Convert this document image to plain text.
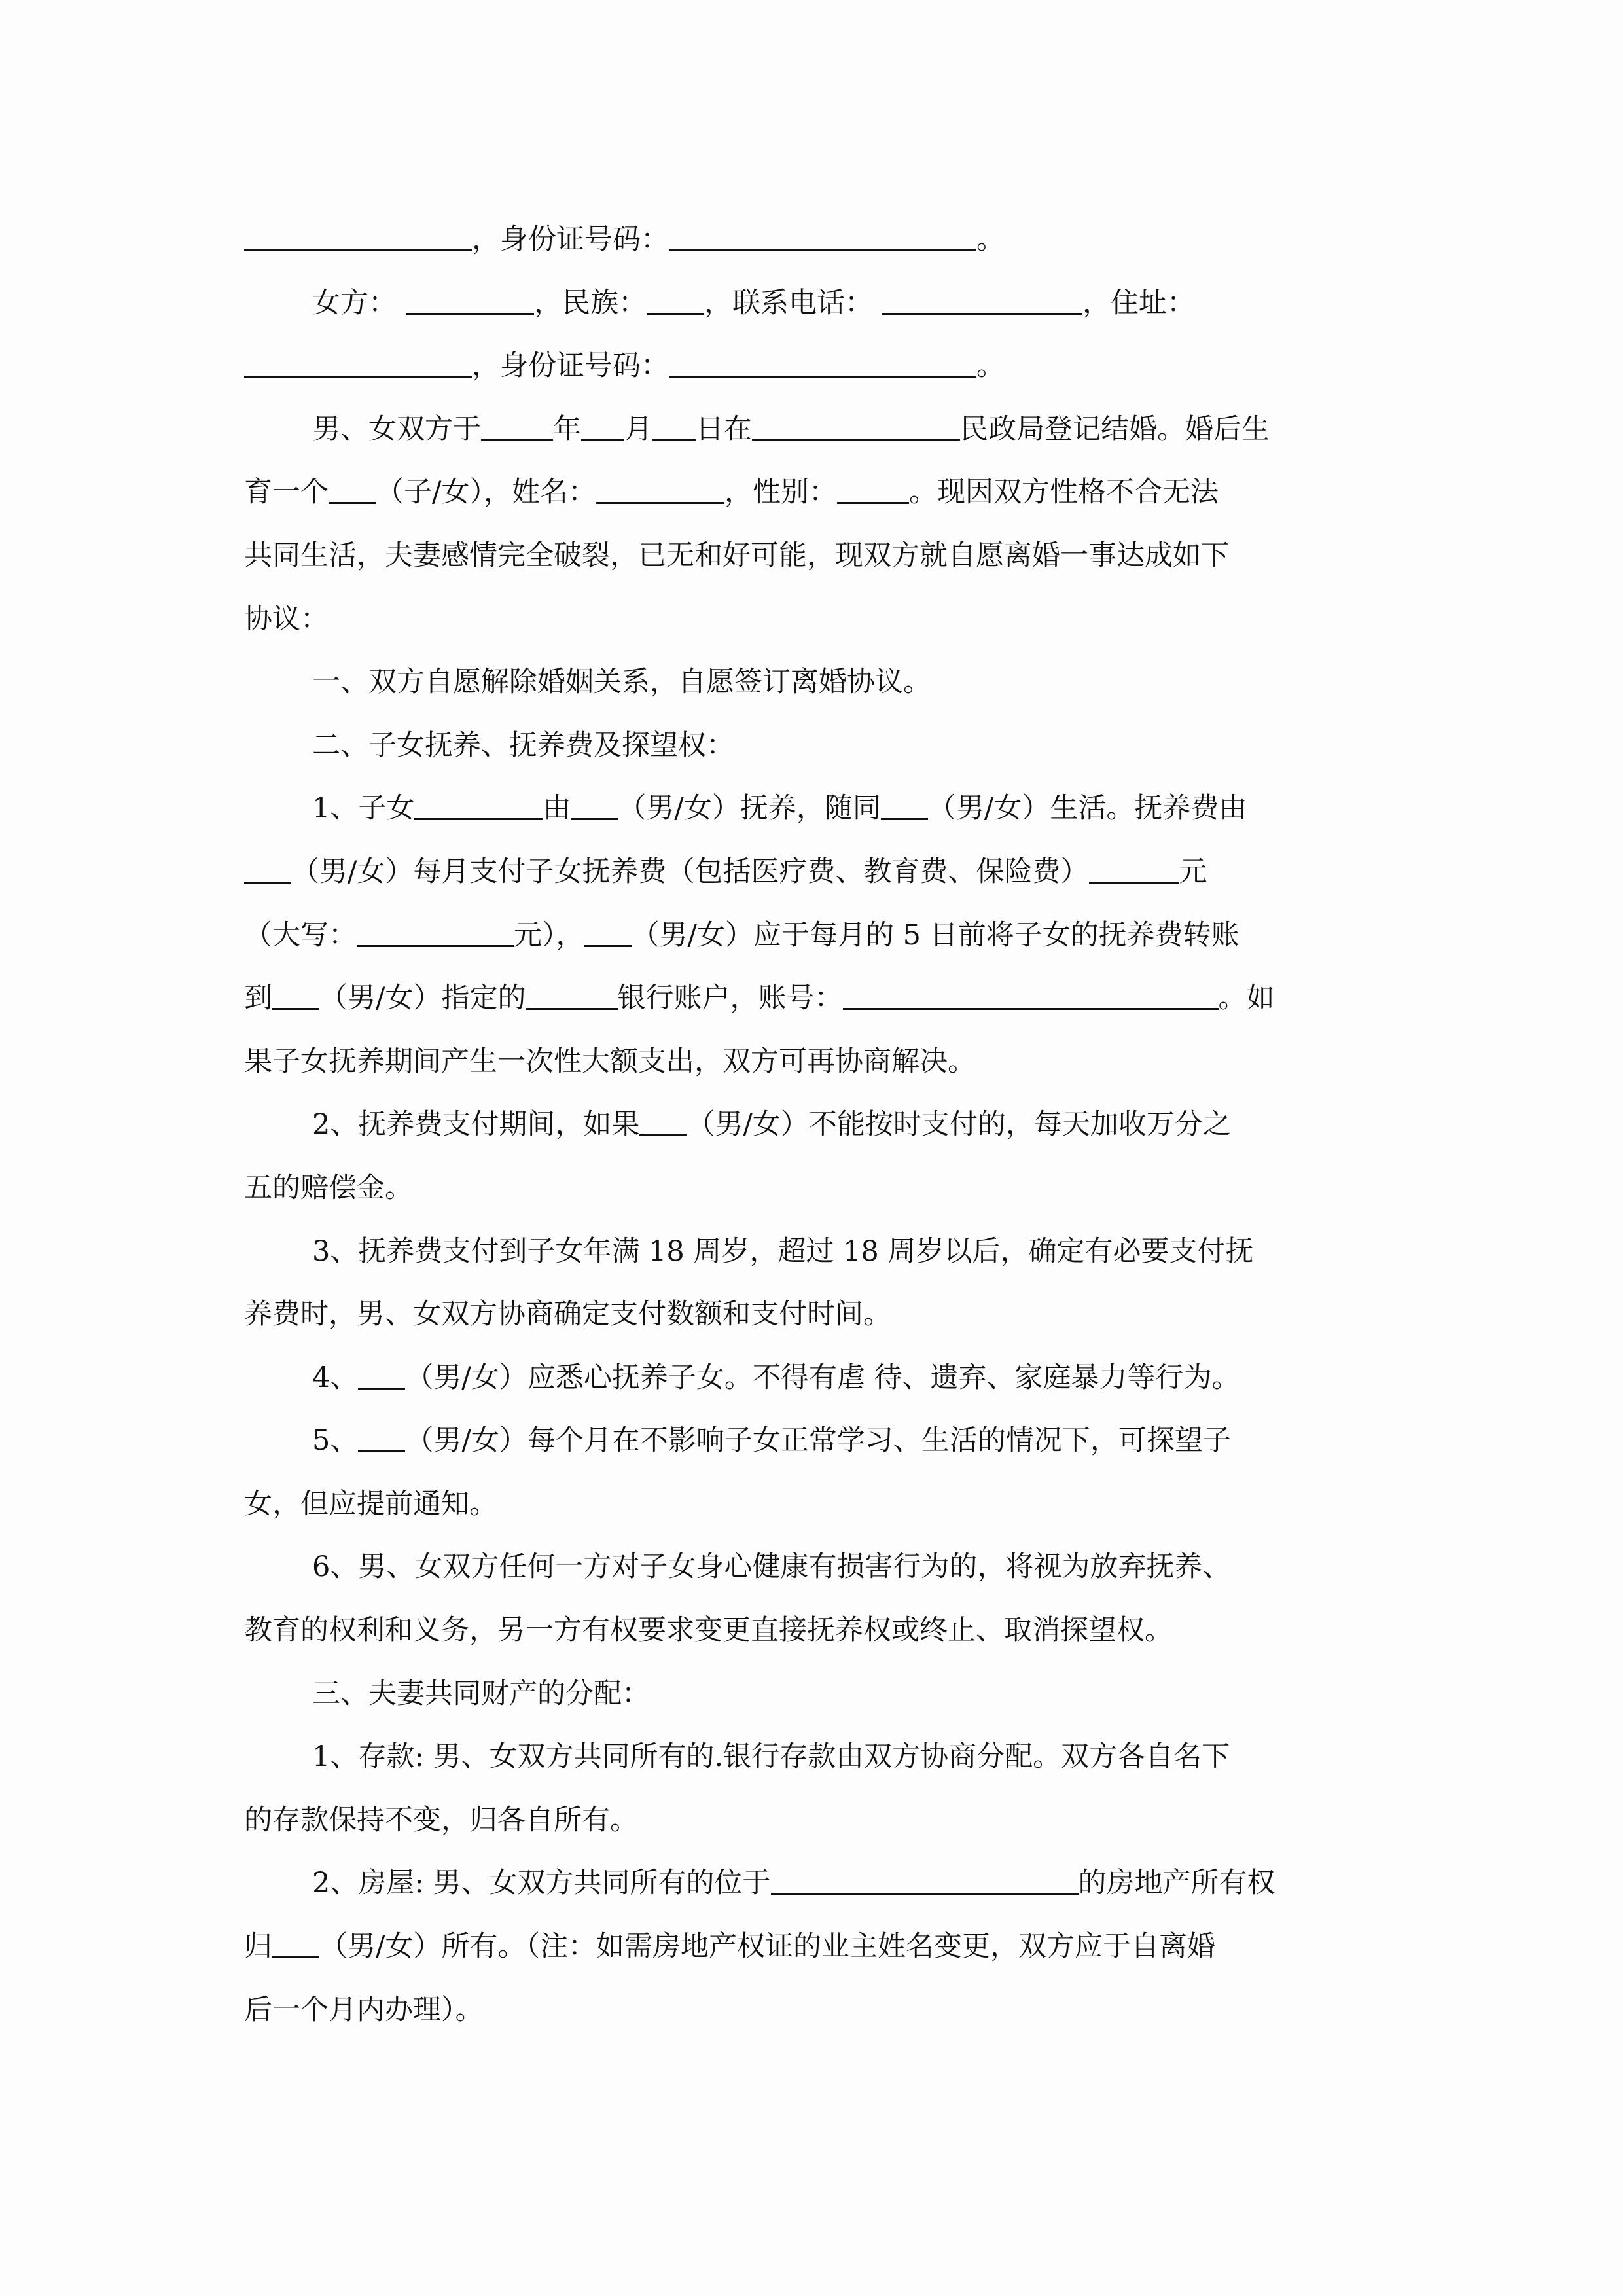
，身份证号码：	。
女方：	，民族： ，联系电话：	，住址：
，身份证号码：	。
男、女双方于	年 月 日在	民政局登记结婚。婚后生
育一个 （子/女），姓名：	，性别：	。现因双方性格不合无法
共同生活，夫妻感情完全破裂，已无和好可能，现双方就自愿离婚一事达成如下
协议：
一、双方自愿解除婚姻关系，自愿签订离婚协议。
二、子女抚养、抚养费及探望权：
1、子女	由 （男/女）抚养，随同 （男/女）生活。抚养费由
（男/女）每月支付子女抚养费（包括医疗费、教育费、保险费）	元
（大写：	元）， （男/女）应于每月的 5 日前将子女的抚养费转账
到 （男/女）指定的	银行账户，账号：	。如
果子女抚养期间产生一次性大额支出，双方可再协商解决。
2、抚养费支付期间，如果 （男/女）不能按时支付的，每天加收万分之
五的赔偿金。
3、抚养费支付到子女年满 18 周岁，超过 18 周岁以后，确定有必要支付抚
养费时，男、女双方协商确定支付数额和支付时间。
4、 （男/女）应悉心抚养子女。不得有虐 待、遗弃、家庭暴力等行为。
5、 （男/女）每个月在不影响子女正常学习、生活的情况下，可探望子
女，但应提前通知。
6、男、女双方任何一方对子女身心健康有损害行为的，将视为放弃抚养、
教育的权利和义务，另一方有权要求变更直接抚养权或终止、取消探望权。
三、夫妻共同财产的分配：
1、存款: 男、女双方共同所有的.银行存款由双方协商分配。双方各自名下
的存款保持不变，归各自所有。
2、房屋: 男、女双方共同所有的位于	的房地产所有权
归 （男/女）所有。（注：如需房地产权证的业主姓名变更，双方应于自离婚
后一个月内办理）。
